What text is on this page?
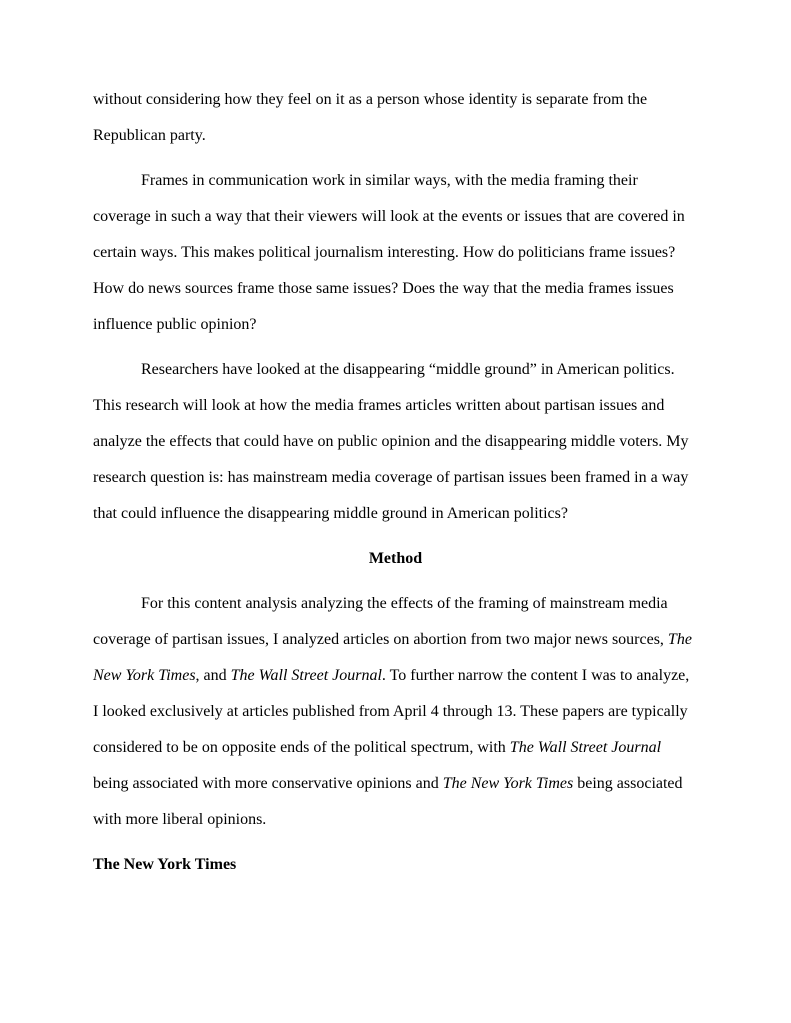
without considering how they feel on it as a person whose identity is separate from the Republican party.

Frames in communication work in similar ways, with the media framing their coverage in such a way that their viewers will look at the events or issues that are covered in certain ways. This makes political journalism interesting. How do politicians frame issues? How do news sources frame those same issues? Does the way that the media frames issues influence public opinion?

Researchers have looked at the disappearing “middle ground” in American politics. This research will look at how the media frames articles written about partisan issues and analyze the effects that could have on public opinion and the disappearing middle voters. My research question is: has mainstream media coverage of partisan issues been framed in a way that could influence the disappearing middle ground in American politics?

Method

For this content analysis analyzing the effects of the framing of mainstream media coverage of partisan issues, I analyzed articles on abortion from two major news sources, The New York Times, and The Wall Street Journal. To further narrow the content I was to analyze, I looked exclusively at articles published from April 4 through 13. These papers are typically considered to be on opposite ends of the political spectrum, with The Wall Street Journal being associated with more conservative opinions and The New York Times being associated with more liberal opinions.

The New York Times
